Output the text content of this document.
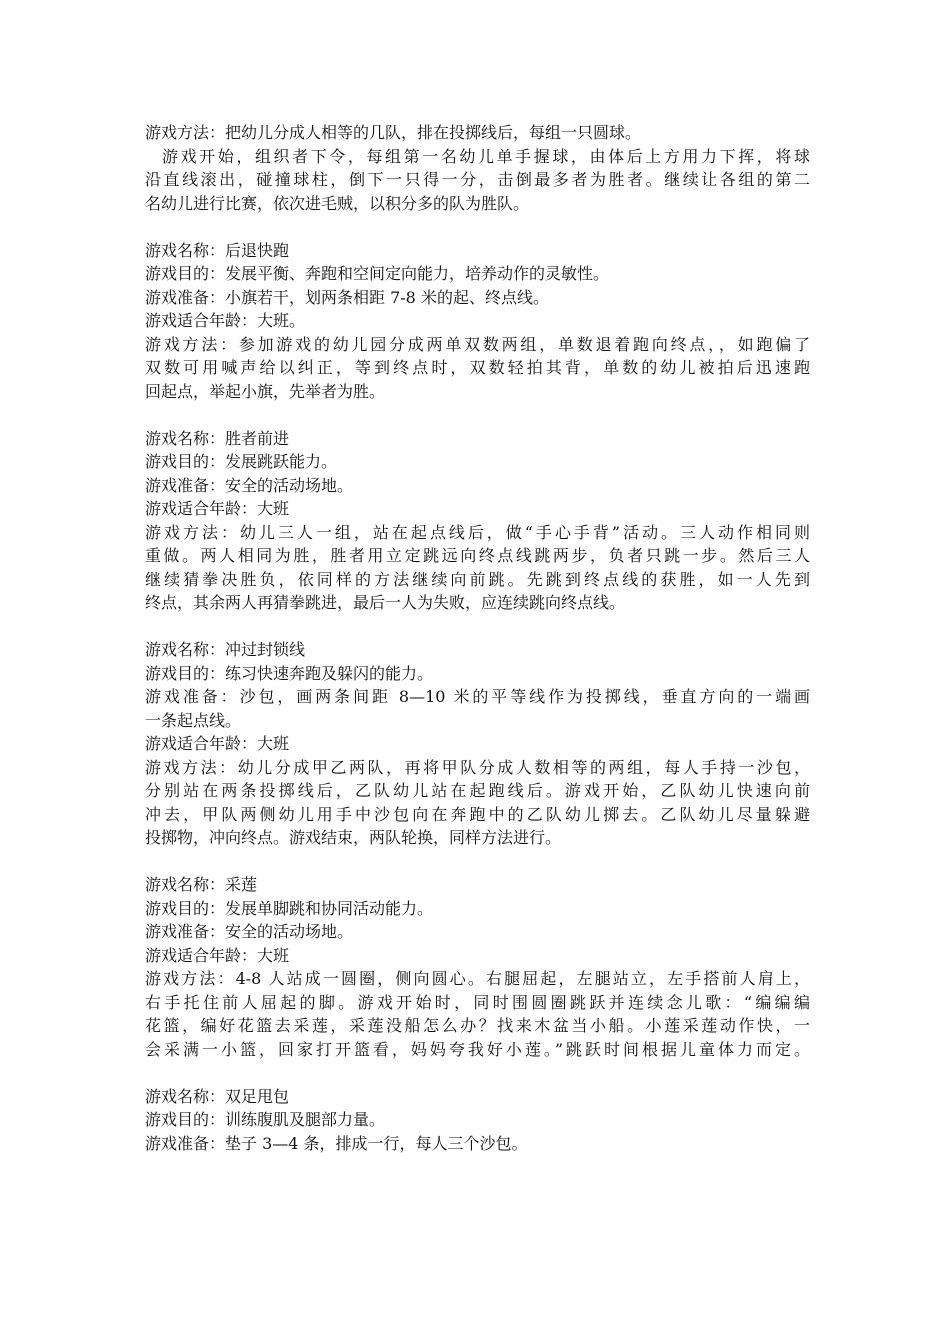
游戏方法：把幼儿分成人相等的几队，排在投掷线后，每组一只圆球。

游戏开始，组织者下令，每组第一名幼儿单手握球，由体后上方用力下挥，将球

沿直线滚出，碰撞球柱，倒下一只得一分，击倒最多者为胜者。继续让各组的第二

名幼儿进行比赛，依次进毛贼，以积分多的队为胜队。

游戏名称：后退快跑

游戏目的：发展平衡、奔跑和空间定向能力，培养动作的灵敏性。

游戏准备：小旗若干，划两条相距 7-8 米的起、终点线。

游戏适合年龄：大班。

游戏方法：参加游戏的幼儿园分成两单双数两组，单数退着跑向终点，，如跑偏了

双数可用喊声给以纠正，等到终点时，双数轻拍其背，单数的幼儿被拍后迅速跑

回起点，举起小旗，先举者为胜。

游戏名称：胜者前进

游戏目的：发展跳跃能力。

游戏准备：安全的活动场地。

游戏适合年龄：大班

游戏方法：幼儿三人一组，站在起点线后，做“手心手背”活动。三人动作相同则

重做。两人相同为胜，胜者用立定跳远向终点线跳两步，负者只跳一步。然后三人

继续猜拳决胜负，依同样的方法继续向前跳。先跳到终点线的获胜，如一人先到

终点，其余两人再猜拳跳进，最后一人为失败，应连续跳向终点线。

游戏名称：冲过封锁线

游戏目的：练习快速奔跑及躲闪的能力。

游戏准备：沙包，画两条间距 8—10 米的平等线作为投掷线，垂直方向的一端画

一条起点线。

游戏适合年龄：大班

游戏方法：幼儿分成甲乙两队，再将甲队分成人数相等的两组，每人手持一沙包，

分别站在两条投掷线后，乙队幼儿站在起跑线后。游戏开始，乙队幼儿快速向前

冲去，甲队两侧幼儿用手中沙包向在奔跑中的乙队幼儿掷去。乙队幼儿尽量躲避

投掷物，冲向终点。游戏结束，两队轮换，同样方法进行。

游戏名称：采莲

游戏目的：发展单脚跳和协同活动能力。

游戏准备：安全的活动场地。

游戏适合年龄：大班

游戏方法：4-8 人站成一圆圈，侧向圆心。右腿屈起，左腿站立，左手搭前人肩上，

右手托住前人屈起的脚。游戏开始时，同时围圆圈跳跃并连续念儿歌：“编编编

花篮，编好花篮去采莲，采莲没船怎么办？找来木盆当小船。小莲采莲动作快，一

会采满一小篮，回家打开篮看，妈妈夸我好小莲。”跳跃时间根据儿童体力而定。

游戏名称：双足甩包

游戏目的：训练腹肌及腿部力量。

游戏准备：垫子 3—4 条，排成一行，每人三个沙包。
